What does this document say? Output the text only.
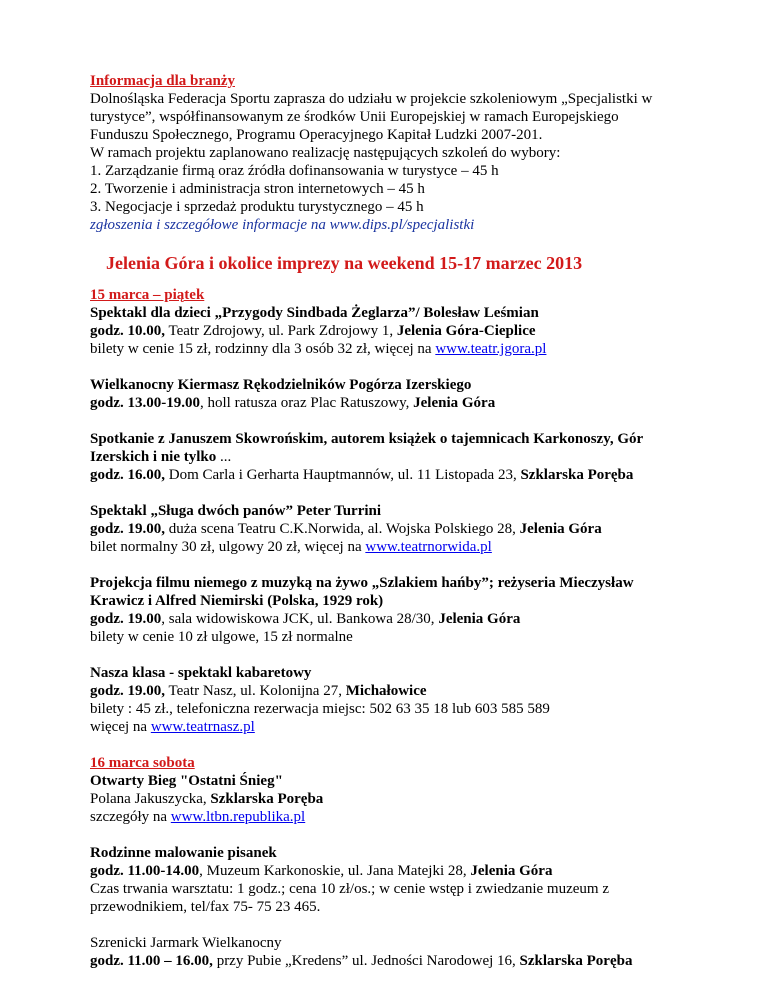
Informacja dla branży
Dolnośląska Federacja Sportu zaprasza do udziału w projekcie szkoleniowym „Specjalistki w
turystyce”, współfinansowanym ze środków Unii Europejskiej w ramach Europejskiego
Funduszu Społecznego, Programu Operacyjnego Kapitał Ludzki 2007-201.
W ramach projektu zaplanowano realizację następujących szkoleń do wybory:
1. Zarządzanie firmą oraz źródła dofinansowania w turystyce – 45 h
2. Tworzenie i administracja stron internetowych – 45 h
3. Negocjacje i sprzedaż produktu turystycznego – 45 h
zgłoszenia i szczegółowe informacje na www.dips.pl/specjalistki
Jelenia Góra i okolice imprezy na weekend 15-17 marzec 2013
15 marca – piątek
Spektakl dla dzieci „Przygody Sindbada Żeglarza”/ Bolesław Leśmian
godz. 10.00, Teatr Zdrojowy, ul. Park Zdrojowy 1, Jelenia Góra-Cieplice
bilety w cenie 15 zł, rodzinny dla 3 osób 32 zł, więcej na www.teatr.jgora.pl
Wielkanocny Kiermasz Rękodzielników Pogórza Izerskiego
godz. 13.00-19.00, holl ratusza oraz Plac Ratuszowy, Jelenia Góra
Spotkanie z Januszem Skowrońskim, autorem książek o tajemnicach Karkonoszy, Gór
Izerskich i nie tylko ...
godz. 16.00, Dom Carla i Gerharta Hauptmannów, ul. 11 Listopada 23, Szklarska Poręba
Spektakl „Sługa dwóch panów” Peter Turrini
godz. 19.00, duża scena Teatru C.K.Norwida, al. Wojska Polskiego 28, Jelenia Góra
bilet normalny 30 zł, ulgowy 20 zł, więcej na www.teatrnorwida.pl
Projekcja filmu niemego z muzyką na żywo „Szlakiem hańby”; reżyseria Mieczysław
Krawicz i Alfred Niemirski (Polska, 1929 rok)
godz. 19.00, sala widowiskowa JCK, ul. Bankowa 28/30, Jelenia Góra
bilety w cenie 10 zł ulgowe, 15 zł normalne
Nasza klasa - spektakl kabaretowy
godz. 19.00, Teatr Nasz, ul. Kolonijna 27, Michałowice
bilety : 45 zł., telefoniczna rezerwacja miejsc: 502 63 35 18 lub 603 585 589
więcej na www.teatrnasz.pl
16 marca sobota
Otwarty Bieg "Ostatni Śnieg"
Polana Jakuszycka, Szklarska Poręba
szczegóły na www.ltbn.republika.pl
Rodzinne malowanie pisanek
godz. 11.00-14.00, Muzeum Karkonoskie, ul. Jana Matejki 28, Jelenia Góra
Czas trwania warsztatu: 1 godz.; cena 10 zł/os.; w cenie wstęp i zwiedzanie muzeum z
przewodnikiem, tel/fax 75- 75 23 465.
Szrenicki Jarmark Wielkanocny
godz. 11.00 – 16.00, przy Pubie „Kredens” ul. Jedności Narodowej 16, Szklarska Poręba
